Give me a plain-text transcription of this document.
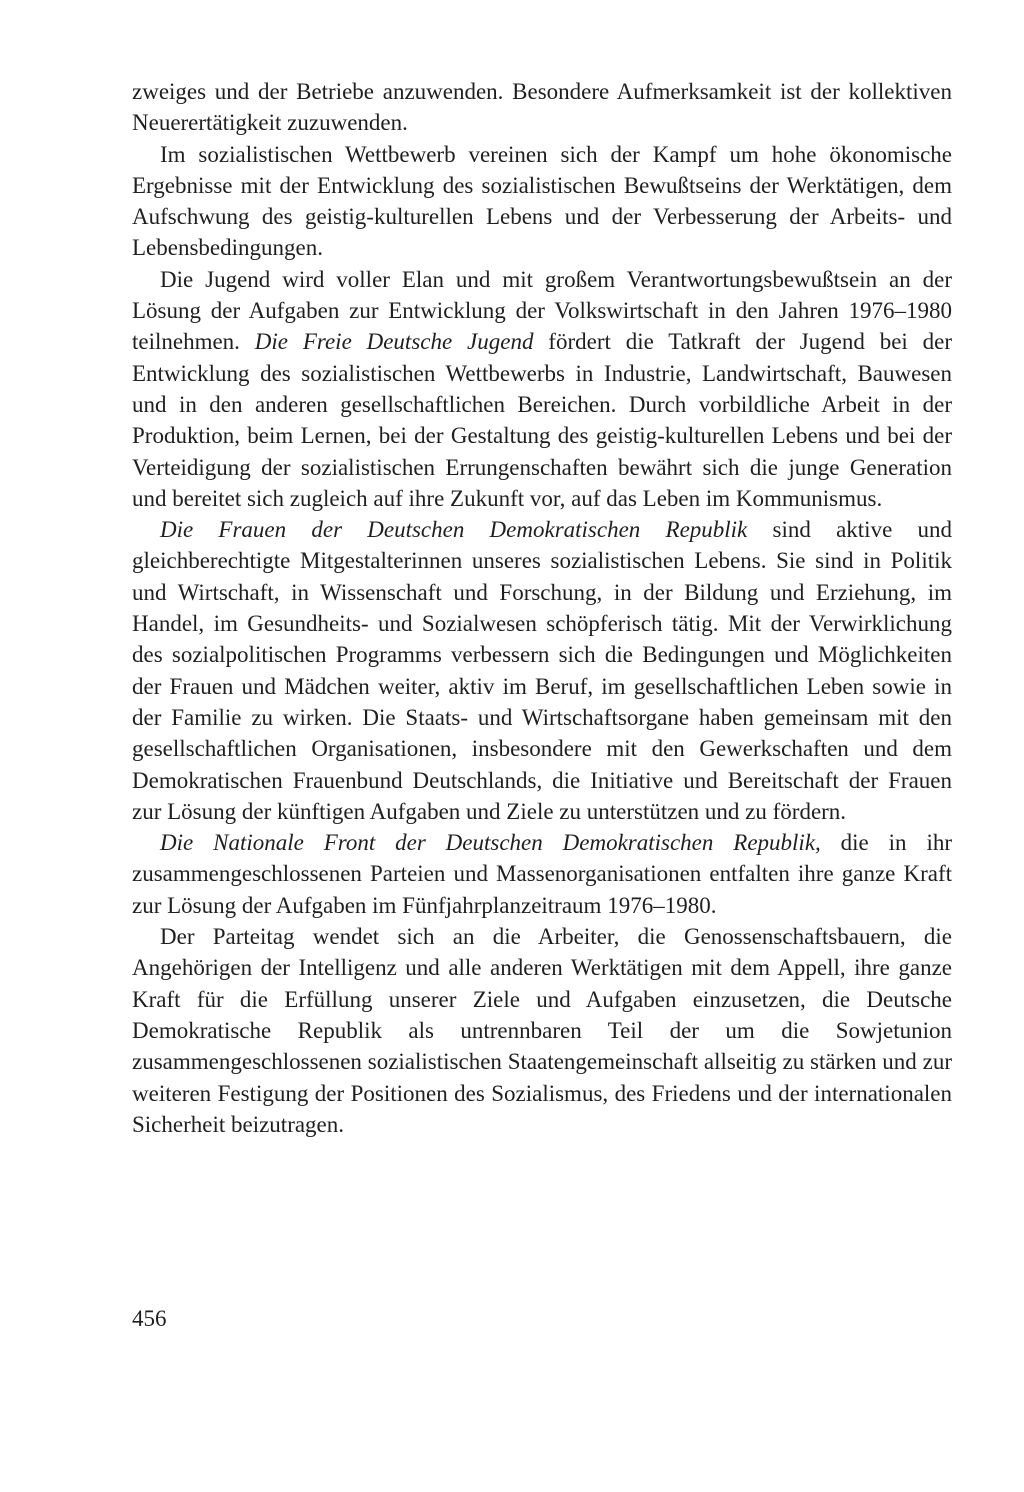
zweiges und der Betriebe anzuwenden. Besondere Aufmerksamkeit ist der kollektiven Neuerertätigkeit zuzuwenden.

Im sozialistischen Wettbewerb vereinen sich der Kampf um hohe ökonomische Ergebnisse mit der Entwicklung des sozialistischen Bewußtseins der Werktätigen, dem Aufschwung des geistig-kulturellen Lebens und der Verbesserung der Arbeits- und Lebensbedingungen.

Die Jugend wird voller Elan und mit großem Verantwortungsbewußtsein an der Lösung der Aufgaben zur Entwicklung der Volkswirtschaft in den Jahren 1976–1980 teilnehmen. Die Freie Deutsche Jugend fördert die Tatkraft der Jugend bei der Entwicklung des sozialistischen Wettbewerbs in Industrie, Landwirtschaft, Bauwesen und in den anderen gesellschaftlichen Bereichen. Durch vorbildliche Arbeit in der Produktion, beim Lernen, bei der Gestaltung des geistig-kulturellen Lebens und bei der Verteidigung der sozialistischen Errungenschaften bewährt sich die junge Generation und bereitet sich zugleich auf ihre Zukunft vor, auf das Leben im Kommunismus.

Die Frauen der Deutschen Demokratischen Republik sind aktive und gleichberechtigte Mitgestalterinnen unseres sozialistischen Lebens. Sie sind in Politik und Wirtschaft, in Wissenschaft und Forschung, in der Bildung und Erziehung, im Handel, im Gesundheits- und Sozialwesen schöpferisch tätig. Mit der Verwirklichung des sozialpolitischen Programms verbessern sich die Bedingungen und Möglichkeiten der Frauen und Mädchen weiter, aktiv im Beruf, im gesellschaftlichen Leben sowie in der Familie zu wirken. Die Staats- und Wirtschaftsorgane haben gemeinsam mit den gesellschaftlichen Organisationen, insbesondere mit den Gewerkschaften und dem Demokratischen Frauenbund Deutschlands, die Initiative und Bereitschaft der Frauen zur Lösung der künftigen Aufgaben und Ziele zu unterstützen und zu fördern.

Die Nationale Front der Deutschen Demokratischen Republik, die in ihr zusammengeschlossenen Parteien und Massenorganisationen entfalten ihre ganze Kraft zur Lösung der Aufgaben im Fünfjahrplanzeitraum 1976–1980.

Der Parteitag wendet sich an die Arbeiter, die Genossenschaftsbauern, die Angehörigen der Intelligenz und alle anderen Werktätigen mit dem Appell, ihre ganze Kraft für die Erfüllung unserer Ziele und Aufgaben einzusetzen, die Deutsche Demokratische Republik als untrennbaren Teil der um die Sowjetunion zusammengeschlossenen sozialistischen Staatengemeinschaft allseitig zu stärken und zur weiteren Festigung der Positionen des Sozialismus, des Friedens und der internationalen Sicherheit beizutragen.

456
